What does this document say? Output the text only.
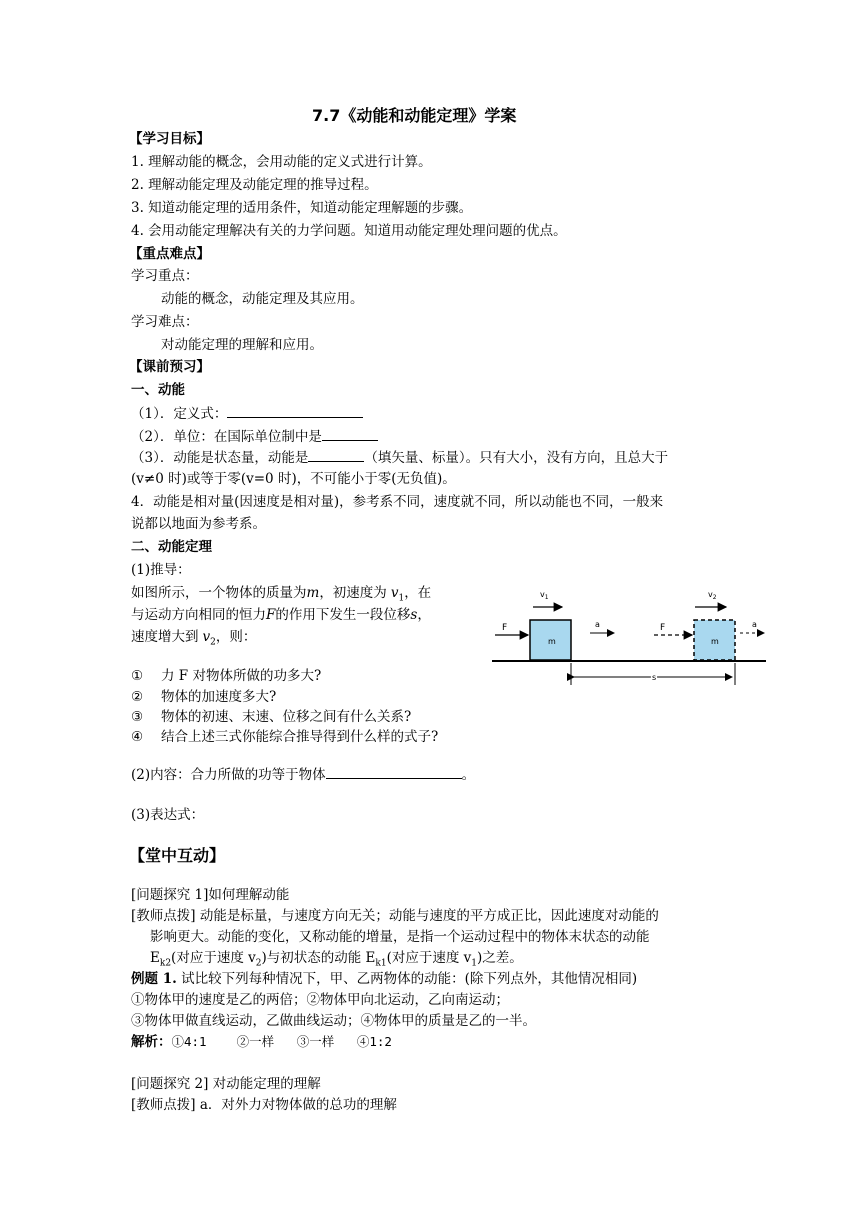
7.7《动能和动能定理》学案
【学习目标】
1. 理解动能的概念，会用动能的定义式进行计算。
2. 理解动能定理及动能定理的推导过程。
3. 知道动能定理的适用条件，知道动能定理解题的步骤。
4. 会用动能定理解决有关的力学问题。知道用动能定理处理问题的优点。
【重点难点】
学习重点：
动能的概念，动能定理及其应用。
学习难点：
对动能定理的理解和应用。
【课前预习】
一、动能
（1）．定义式：
（2）．单位：在国际单位制中是
（3）．动能是状态量，动能是	（填矢量、标量）。只有大小，没有方向，且总大于
(v≠0 时)或等于零(v=0 时)，不可能小于零(无负值)。
4．动能是相对量(因速度是相对量)，参考系不同，速度就不同，所以动能也不同，一般来
说都以地面为参考系。
二、动能定理
(1)推导：
如图所示，一个物体的质量为m，初速度为 $v_1$，在
与运动方向相同的恒力F的作用下发生一段位移s，
速度增大到 $v_2$，则：	m
F
$v_1$
a	F
m
$v_2$
a
s
① 力 F 对物体所做的功多大?
② 物体的加速度多大?
③ 物体的初速、末速、位移之间有什么关系?
④ 结合上述三式你能综合推导得到什么样的式子?
(2)内容：合力所做的功等于物体	。
(3)表达式：
【堂中互动】
[问题探究 1]如何理解动能
[教师点拨] 动能是标量，与速度方向无关；动能与速度的平方成正比，因此速度对动能的
影响更大。动能的变化，又称动能的增量，是指一个运动过程中的物体末状态的动能
$E_{k2}$(对应于速度 $v_2$)与初状态的动能 $E_{k1}$(对应于速度 $v_1$)之差。
例题 1. 试比较下列每种情况下，甲、乙两物体的动能：(除下列点外，其他情况相同)
①物体甲的速度是乙的两倍；②物体甲向北运动，乙向南运动；
③物体甲做直线运动，乙做曲线运动；④物体甲的质量是乙的一半。
解析：①4:1    ②一样   ③一样   ④1:2
[问题探究 2] 对动能定理的理解
[教师点拨] a．对外力对物体做的总功的理解
